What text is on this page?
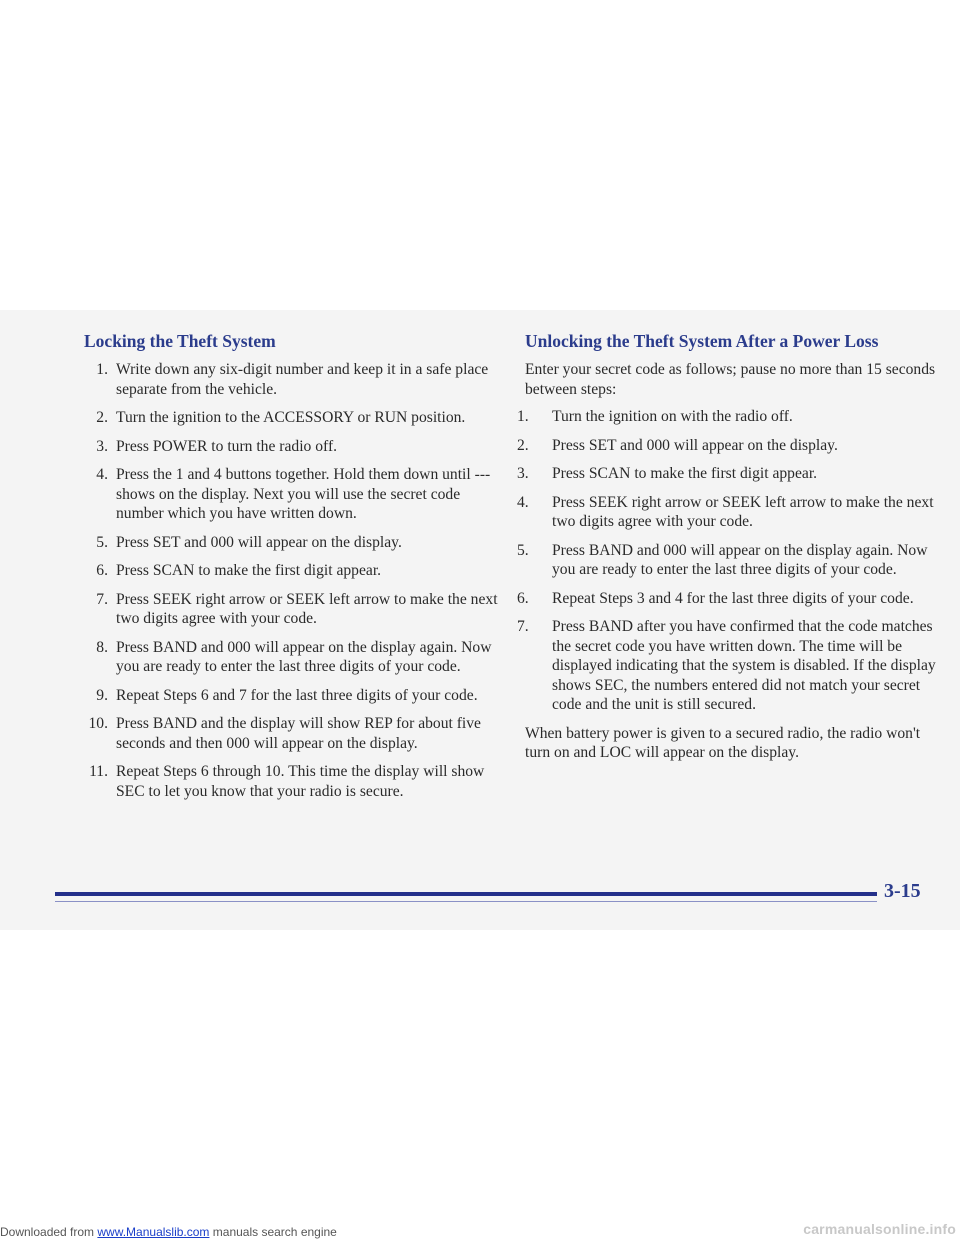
Locking the Theft System
1. Write down any six-digit number and keep it in a safe place separate from the vehicle.
2. Turn the ignition to the ACCESSORY or RUN position.
3. Press POWER to turn the radio off.
4. Press the 1 and 4 buttons together. Hold them down until --- shows on the display. Next you will use the secret code number which you have written down.
5. Press SET and 000 will appear on the display.
6. Press SCAN to make the first digit appear.
7. Press SEEK right arrow or SEEK left arrow to make the next two digits agree with your code.
8. Press BAND and 000 will appear on the display again. Now you are ready to enter the last three digits of your code.
9. Repeat Steps 6 and 7 for the last three digits of your code.
10. Press BAND and the display will show REP for about five seconds and then 000 will appear on the display.
11. Repeat Steps 6 through 10. This time the display will show SEC to let you know that your radio is secure.
Unlocking the Theft System After a Power Loss

Enter your secret code as follows; pause no more than 15 seconds between steps:

1.	Turn the ignition on with the radio off.
2.	Press SET and 000 will appear on the display.
3.	Press SCAN to make the first digit appear.
4.	Press SEEK right arrow or SEEK left arrow to make the next two digits agree with your code.
5.	Press BAND and 000 will appear on the display again. Now you are ready to enter the last three digits of your code.
6.	Repeat Steps 3 and 4 for the last three digits of your code.
7.	Press BAND after you have confirmed that the code matches the secret code you have written down. The time will be displayed indicating that the system is disabled. If the display shows SEC, the numbers entered did not match your secret code and the unit is still secured.

When battery power is given to a secured radio, the radio won't turn on and LOC will appear on the display.

3-15
Downloaded from www.Manualslib.com manuals search engine	carmanualsonline.info
